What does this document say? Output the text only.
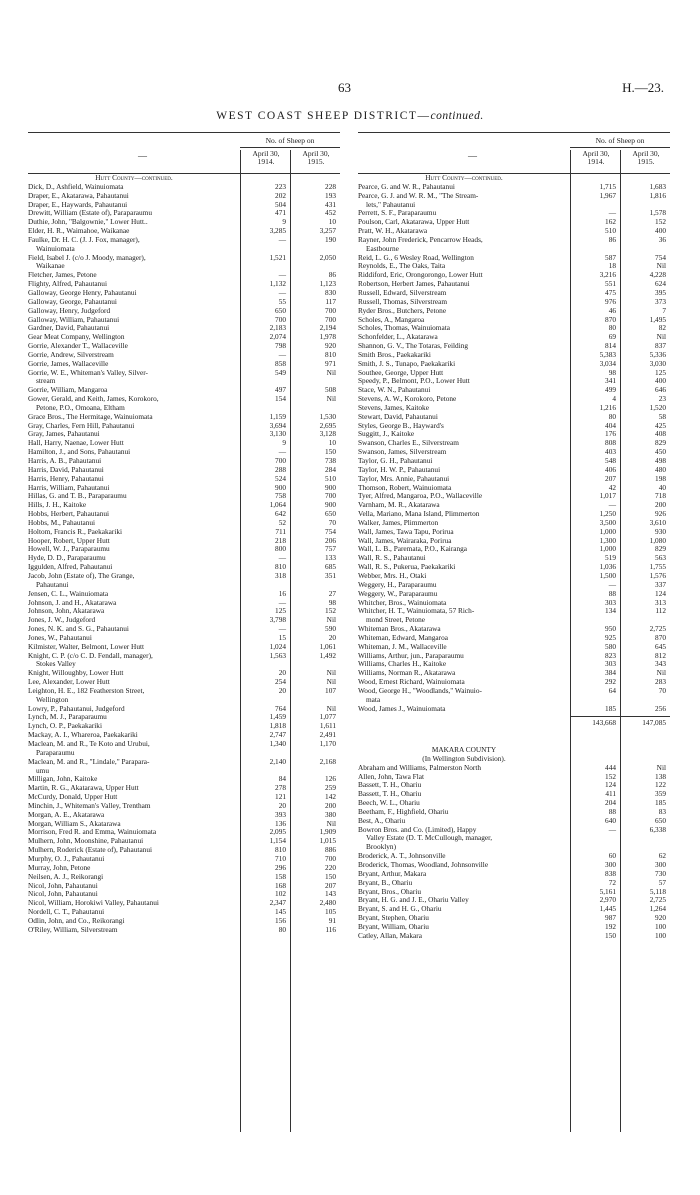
63	H.—23.
WEST COAST SHEEP DISTRICT—continued.
—
No. of Sheep on
April 30,
1914.
April 30,
1915.
Hutt County—continued.
Dick, D., Ashfield, Wainuiomata	223	228
Draper, E., Akatarawa, Pahautanui	202	193
Draper, E., Haywards, Pahautanui	504	431
Drewitt, William (Estate of), Paraparaumu	471	452
Duthie, John, "Balgownie," Lower Hutt..	9	10
Elder, H. R., Waimahoe, Waikanae	3,285	3,257
Faulke, Dr. H. C. (J. J. Fox, manager),	—	190
Wainuiomata
Field, Isabel J. (c/o J. Moody, manager),	1,521	2,050
Waikanae
Fletcher, James, Petone	—	86
Flighty, Alfred, Pahautanui	1,132	1,123
Galloway, George Henry, Pahautanui	—	830
Galloway, George, Pahautanui	55	117
Galloway, Henry, Judgeford	650	700
Galloway, William, Pahautanui	700	700
Gardner, David, Pahautanui	2,183	2,194
Gear Meat Company, Wellington	2,074	1,978
Gorrie, Alexander T., Wallaceville	798	920
Gorrie, Andrew, Silverstream	—	810
Gorrie, James, Wallaceville	858	971
Gorrie, W. E., Whiteman's Valley, Silver-	549	Nil
stream
Gorrie, William, Mangaroa	497	508
Gower, Gerald, and Keith, James, Korokoro,	154	Nil
Petone, P.O., Omoana, Eltham
Grace Bros., The Hermitage, Wainuiomata	1,159	1,530
Gray, Charles, Fern Hill, Pahautanui	3,694	2,695
Gray, James, Pahautanui	3,130	3,128
Hall, Harry, Naenae, Lower Hutt	9	10
Hamilton, J., and Sons, Pahautanui	—	150
Harris, A. B., Pahautanui	700	738
Harris, David, Pahautanui	288	284
Harris, Henry, Pahautanui	524	510
Harris, William, Pahautanui	900	900
Hillas, G. and T. B., Paraparaumu	758	700
Hills, J. H., Kaitoke	1,064	900
Hobbs, Herbert, Pahautanui	642	650
Hobbs, M., Pahautanui	52	70
Holtom, Francis R., Paekakariki	711	754
Hooper, Robert, Upper Hutt	218	206
Howell, W. J., Paraparaumu	800	757
Hyde, D. D., Paraparaumu	—	133
Iggulden, Alfred, Pahautanui	810	685
Jacob, John (Estate of), The Grange,	318	351
Pahautanui
Jensen, C. L., Wainuiomata	16	27
Johnson, J. and H., Akatarawa	—	98
Johnson, John, Akatarawa	125	152
Jones, J. W., Judgeford	3,798	Nil
Jones, N. K. and S. G., Pahautanui	—	590
Jones, W., Pahautanui	15	20
Kilmister, Walter, Belmont, Lower Hutt	1,024	1,061
Knight, C. P. (c/o C. D. Fendall, manager),	1,563	1,492
Stokes Valley
Knight, Willoughby, Lower Hutt	20	Nil
Lee, Alexander, Lower Hutt	254	Nil
Leighton, H. E., 182 Featherston Street,	20	107
Wellington
Lowry, P., Pahautanui, Judgeford	764	Nil
Lynch, M. J., Paraparaumu	1,459	1,077
Lynch, O. P., Paekakariki	1,818	1,611
Mackay, A. I., Whareroa, Paekakariki	2,747	2,491
Maclean, M. and R., Te Koto and Urubui,	1,340	1,170
Paraparaumu
Maclean, M. and R., "Lindale," Parapara-	2,140	2,168
umu
Milligan, John, Kaitoke	84	126
Martin, R. G., Akatarawa, Upper Hutt	278	259
McCurdy, Donald, Upper Hutt	121	142
Minchin, J., Whiteman's Valley, Trentham	20	200
Morgan, A. E., Akatarawa	393	380
Morgan, William S., Akatarawa	136	Nil
Morrison, Fred R. and Emma, Wainuiomata	2,095	1,909
Mulhern, John, Moonshine, Pahautanui	1,154	1,015
Mulhern, Roderick (Estate of), Pahautanui	810	886
Murphy, O. J., Pahautanui	710	700
Murray, John, Petone	296	220
Neilsen, A. J., Reikorangi	158	150
Nicol, John, Pahautanui	168	207
Nicol, John, Pahautanui	102	143
Nicol, William, Horokiwi Valley, Pahautanui	2,347	2,480
Nordell, C. T., Pahautanui	145	105
Odlin, John, and Co., Reikorangi	156	91
O'Riley, William, Silverstream	80	116
—
No. of Sheep on
April 30,
1914.
April 30,
1915.
Hutt County—continued.
Pearce, G. and W. R., Pahautanui	1,715	1,683
Pearce, G. J. and W. R. M., "The Stream-	1,967	1,816
lets," Pahautanui
Perrett, S. F., Paraparaumu	—	1,578
Poulson, Carl, Akatarawa, Upper Hutt	162	152
Pratt, W. H., Akatarawa	510	400
Rayner, John Frederick, Pencarrow Heads,	86	36
Eastbourne
Reid, L. G., 6 Wesley Road, Wellington	587	754
Reynolds, E., The Oaks, Taita	18	Nil
Riddiford, Eric, Orongorongo, Lower Hutt	3,216	4,228
Robertson, Herbert James, Pahautanui	551	624
Russell, Edward, Silverstream	475	395
Russell, Thomas, Silverstream	976	373
Ryder Bros., Butchers, Petone	46	7
Scholes, A., Mangaroa	870	1,495
Scholes, Thomas, Wainuiomata	80	82
Schonfelder, L., Akatarawa	69	Nil
Shannon, G. V., The Totaras, Feilding	814	837
Smith Bros., Paekakariki	5,383	5,336
Smith, J. S., Tunapo, Paekakariki	3,034	3,030
Southee, George, Upper Hutt	98	125
Speedy, P., Belmont, P.O., Lower Hutt	341	400
Stace, W. N., Pahautanui	499	646
Stevens, A. W., Korokoro, Petone	4	23
Stevens, James, Kaitoke	1,216	1,520
Stewart, David, Pahautanui	80	58
Styles, George B., Hayward's	404	425
Suggitt, J., Kaitoke	176	408
Swanson, Charles E., Silverstream	808	829
Swanson, James, Silverstream	403	450
Taylor, G. H., Pahautanui	548	498
Taylor, H. W. P., Pahautanui	406	480
Taylor, Mrs. Annie, Pahautanui	207	198
Thomson, Robert, Wainuiomata	42	40
Tyer, Alfred, Mangaroa, P.O., Wallaceville	1,017	718
Varnham, M. R., Akatarawa	—	200
Vella, Mariano, Mana Island, Plimmerton	1,250	926
Walker, James, Plimmerton	3,500	3,610
Wall, James, Tawa Tapu, Porirua	1,000	930
Wall, James, Wairaraka, Porirua	1,300	1,080
Wall, L. B., Paremata, P.O., Kairanga	1,000	829
Wall, R. S., Pahautanui	519	563
Wall, R. S., Pukerua, Paekakariki	1,036	1,755
Webber, Mrs. H., Otaki	1,500	1,576
Weggery, H., Paraparaumu	—	337
Weggery, W., Paraparaumu	88	124
Whitcher, Bros., Wainuiomata	303	313
Whitcher, H. T., Wainuiomata, 57 Rich-	134	112
mond Street, Petone
Whiteman Bros., Akatarawa	950	2,725
Whiteman, Edward, Mangaroa	925	870
Whiteman, J. M., Wallaceville	580	645
Williams, Arthur, jun., Paraparaumu	823	812
Williams, Charles H., Kaitoke	303	343
Williams, Norman R., Akatarawa	384	Nil
Wood, Ernest Richard, Wainuiomata	292	283
Wood, George H., "Woodlands," Wainuio-	64	70
mata
Wood, James J., Wainuiomata	185	256
143,668	147,085
MAKARA COUNTY
(In Wellington Subdivision).
Abraham and Williams, Palmerston North	444	Nil
Allen, John, Tawa Flat	152	138
Bassett, T. H., Ohariu	124	122
Bassett, T. H., Ohariu	411	359
Beech, W. L., Ohariu	204	185
Beetham, F., Highfield, Ohariu	88	83
Best, A., Ohariu	640	650
Bowron Bros. and Co. (Limited), Happy	—	6,338
Valley Estate (D. T. McCullough, manager,
Brooklyn)
Broderick, A. T., Johnsonville	60	62
Broderick, Thomas, Woodland, Johnsonville	300	300
Bryant, Arthur, Makara	838	730
Bryant, B., Ohariu	72	57
Bryant, Bros., Ohariu	5,161	5,118
Bryant, H. G. and J. E., Ohariu Valley	2,970	2,725
Bryant, S. and H. G., Ohariu	1,445	1,264
Bryant, Stephen, Ohariu	987	920
Bryant, William, Ohariu	192	100
Catley, Allan, Makara	150	100
